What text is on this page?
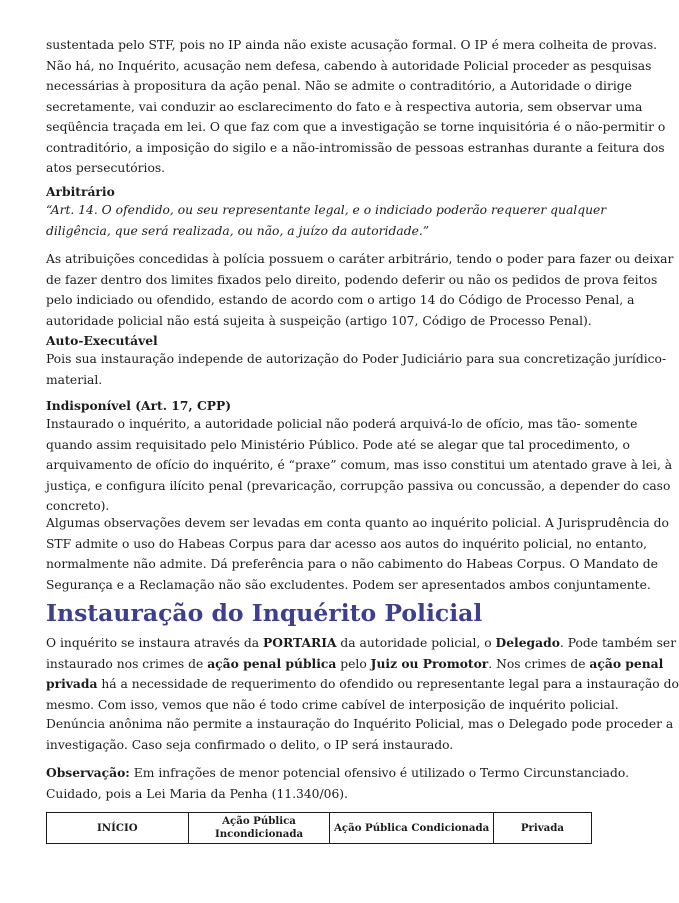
sustentada pelo STF, pois no IP ainda não existe acusação formal. O IP é mera colheita de provas.
Não há, no Inquérito, acusação nem defesa, cabendo à autoridade Policial proceder as pesquisas
necessárias à propositura da ação penal. Não se admite o contraditório, a Autoridade o dirige
secretamente, vai conduzir ao esclarecimento do fato e à respectiva autoria, sem observar uma
seqüência traçada em lei. O que faz com que a investigação se torne inquisitória é o não-permitir o
contraditório, a imposição do sigilo e a não-intromissão de pessoas estranhas durante a feitura dos
atos persecutórios.
Arbitrário
“Art. 14. O ofendido, ou seu representante legal, e o indiciado poderão requerer qualquer
diligência, que será realizada, ou não, a juízo da autoridade.”
As atribuições concedidas à polícia possuem o caráter arbitrário, tendo o poder para fazer ou deixar
de fazer dentro dos limites fixados pelo direito, podendo deferir ou não os pedidos de prova feitos
pelo indiciado ou ofendido, estando de acordo com o artigo 14 do Código de Processo Penal, a
autoridade policial não está sujeita à suspeição (artigo 107, Código de Processo Penal).
Auto-Executável
Pois sua instauração independe de autorização do Poder Judiciário para sua concretização jurídico-
material.
Indisponível (Art. 17, CPP)
Instaurado o inquérito, a autoridade policial não poderá arquivá-lo de ofício, mas tão- somente
quando assim requisitado pelo Ministério Público. Pode até se alegar que tal procedimento, o
arquivamento de ofício do inquérito, é “praxe” comum, mas isso constitui um atentado grave à lei, à
justiça, e configura ilícito penal (prevaricação, corrupção passiva ou concussão, a depender do caso
concreto).
Algumas observações devem ser levadas em conta quanto ao inquérito policial. A Jurisprudência do
STF admite o uso do Habeas Corpus para dar acesso aos autos do inquérito policial, no entanto,
normalmente não admite. Dá preferência para o não cabimento do Habeas Corpus. O Mandato de
Segurança e a Reclamação não são excludentes. Podem ser apresentados ambos conjuntamente.
Instauração do Inquérito Policial
O inquérito se instaura através da PORTARIA da autoridade policial, o Delegado. Pode também ser
instaurado nos crimes de ação penal pública pelo Juiz ou Promotor. Nos crimes de ação penal
privada há a necessidade de requerimento do ofendido ou representante legal para a instauração do
mesmo. Com isso, vemos que não é todo crime cabível de interposição de inquérito policial.
Denúncia anônima não permite a instauração do Inquérito Policial, mas o Delegado pode proceder a
investigação. Caso seja confirmado o delito, o IP será instaurado.
Observação: Em infrações de menor potencial ofensivo é utilizado o Termo Circunstanciado.
Cuidado, pois a Lei Maria da Penha (11.340/06).
INÍCIO	Ação Pública Incondicionada	Ação Pública Condicionada	Privada
